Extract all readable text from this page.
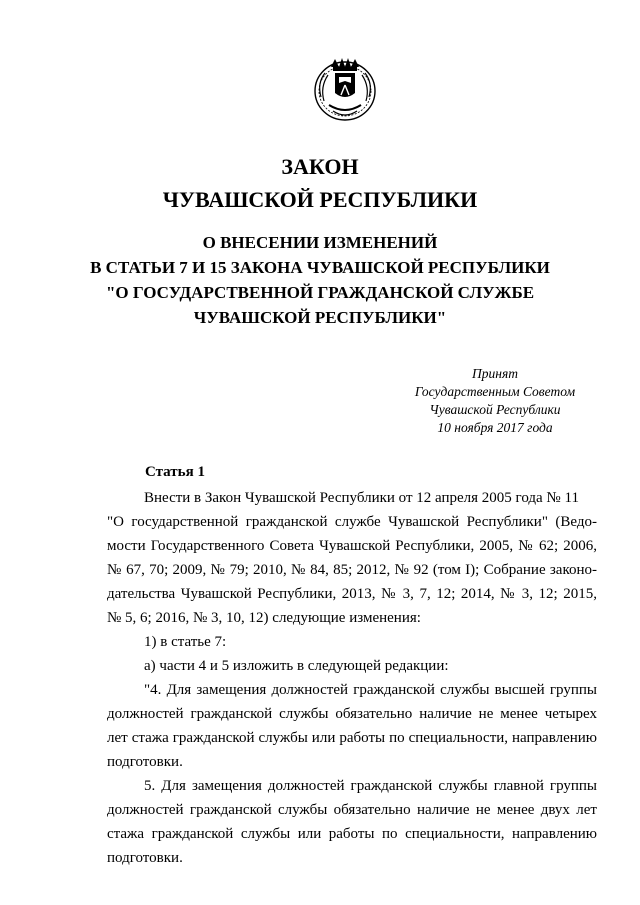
ЗАКОН
ЧУВАШСКОЙ РЕСПУБЛИКИ
О ВНЕСЕНИИ ИЗМЕНЕНИЙ
В СТАТЬИ 7 И 15 ЗАКОНА ЧУВАШСКОЙ РЕСПУБЛИКИ
"О ГОСУДАРСТВЕННОЙ ГРАЖДАНСКОЙ СЛУЖБЕ
ЧУВАШСКОЙ РЕСПУБЛИКИ"
Принят
Государственным Советом
Чувашской Республики
10 ноября 2017 года
Статья 1

Внести в Закон Чувашской Республики от 12 апреля 2005 года № 11
"О государственной гражданской службе Чувашской Республики" (Ведо-
мости Государственного Совета Чувашской Республики, 2005, № 62; 2006,
№ 67, 70; 2009, № 79; 2010, № 84, 85; 2012, № 92 (том I); Собрание законо-
дательства Чувашской Республики, 2013, № 3, 7, 12; 2014, № 3, 12; 2015,
№ 5, 6; 2016, № 3, 10, 12) следующие изменения:

1) в статье 7:

а) части 4 и 5 изложить в следующей редакции:

"4. Для замещения должностей гражданской службы высшей группы
должностей гражданской службы обязательно наличие не менее четырех
лет стажа гражданской службы или работы по специальности, направлению
подготовки.

5. Для замещения должностей гражданской службы главной группы
должностей гражданской службы обязательно наличие не менее двух лет
стажа гражданской службы или работы по специальности, направлению
подготовки.
